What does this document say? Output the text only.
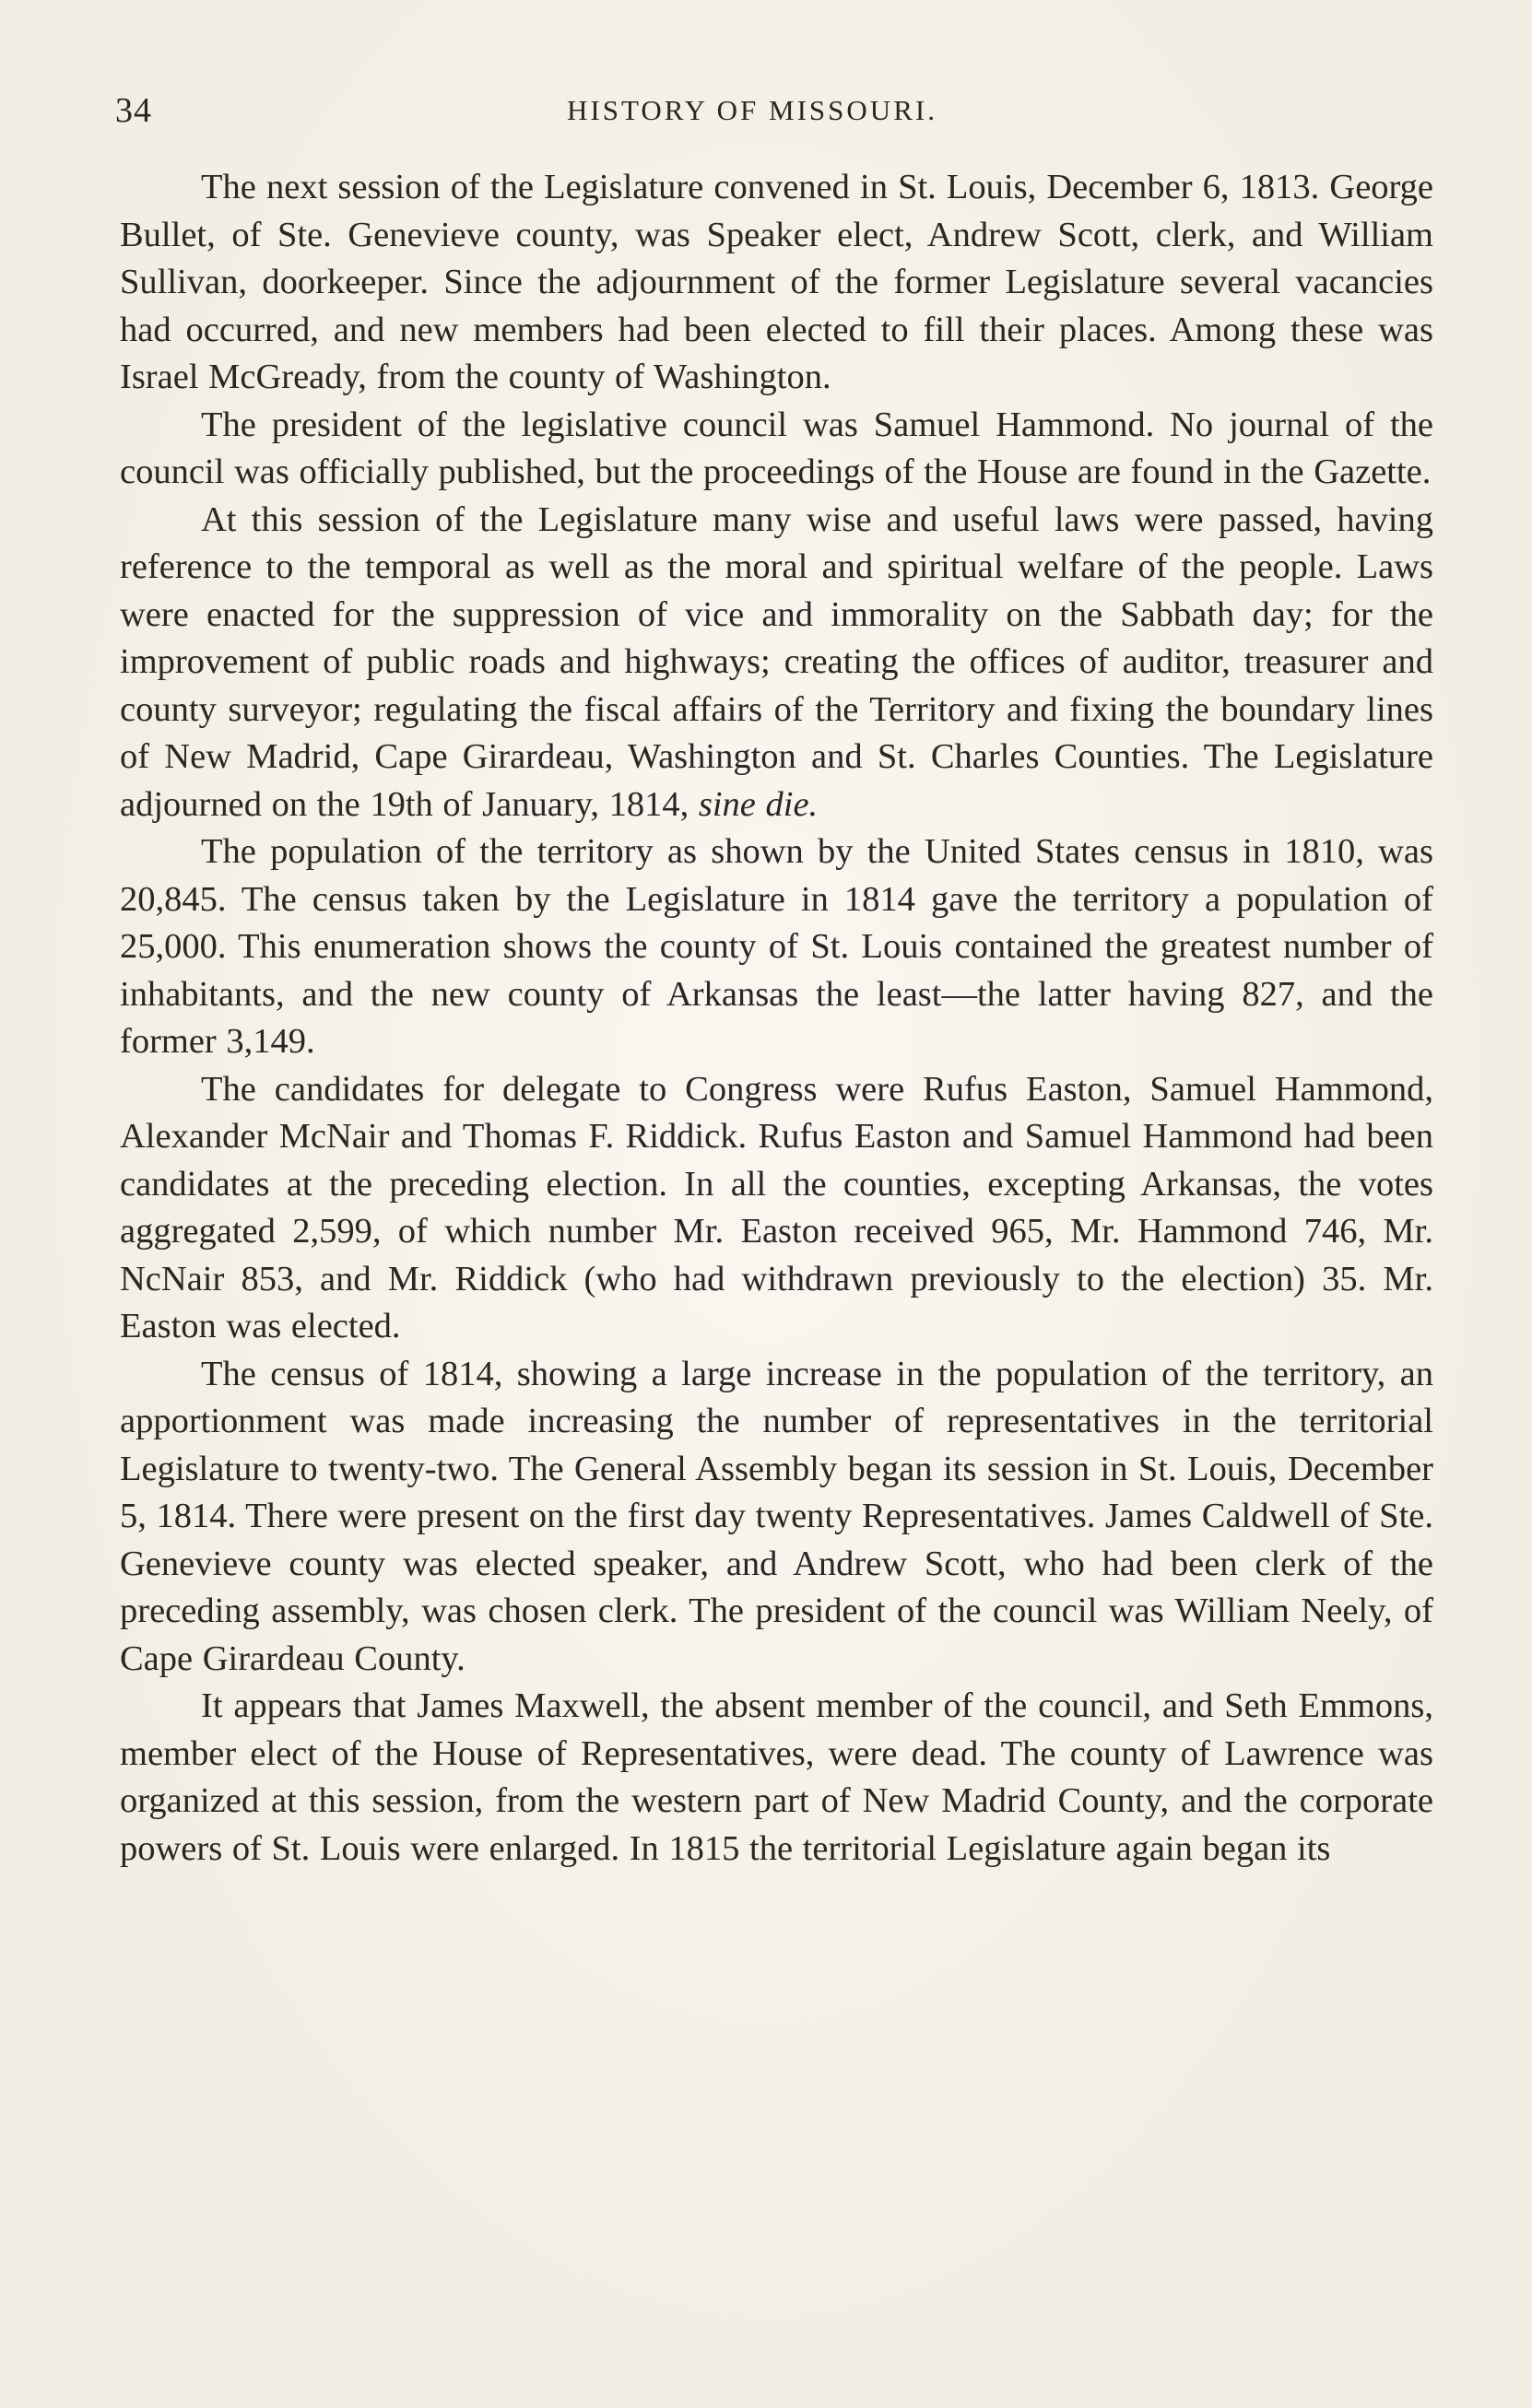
34	HISTORY OF MISSOURI.

The next session of the Legislature convened in St. Louis, December 6, 1813. George Bullet, of Ste. Genevieve county, was Speaker elect, Andrew Scott, clerk, and William Sullivan, doorkeeper. Since the adjournment of the former Legislature several vacancies had occurred, and new members had been elected to fill their places. Among these was Israel McGready, from the county of Washington.

The president of the legislative council was Samuel Hammond. No journal of the council was officially published, but the proceedings of the House are found in the Gazette.

At this session of the Legislature many wise and useful laws were passed, having reference to the temporal as well as the moral and spiritual welfare of the people. Laws were enacted for the suppression of vice and immorality on the Sabbath day; for the improvement of public roads and highways; creating the offices of auditor, treasurer and county surveyor; regulating the fiscal affairs of the Territory and fixing the boundary lines of New Madrid, Cape Girardeau, Washington and St. Charles Counties. The Legislature adjourned on the 19th of January, 1814, sine die.

The population of the territory as shown by the United States census in 1810, was 20,845. The census taken by the Legislature in 1814 gave the territory a population of 25,000. This enumeration shows the county of St. Louis contained the greatest number of inhabitants, and the new county of Arkansas the least—the latter having 827, and the former 3,149.

The candidates for delegate to Congress were Rufus Easton, Samuel Hammond, Alexander McNair and Thomas F. Riddick. Rufus Easton and Samuel Hammond had been candidates at the preceding election. In all the counties, excepting Arkansas, the votes aggregated 2,599, of which number Mr. Easton received 965, Mr. Hammond 746, Mr. NcNair 853, and Mr. Riddick (who had withdrawn previously to the election) 35. Mr. Easton was elected.

The census of 1814, showing a large increase in the population of the territory, an apportionment was made increasing the number of representatives in the territorial Legislature to twenty-two. The General Assembly began its session in St. Louis, December 5, 1814. There were present on the first day twenty Representatives. James Caldwell of Ste. Genevieve county was elected speaker, and Andrew Scott, who had been clerk of the preceding assembly, was chosen clerk. The president of the council was William Neely, of Cape Girardeau County.

It appears that James Maxwell, the absent member of the council, and Seth Emmons, member elect of the House of Representatives, were dead. The county of Lawrence was organized at this session, from the western part of New Madrid County, and the corporate powers of St. Louis were enlarged. In 1815 the territorial Legislature again began its
